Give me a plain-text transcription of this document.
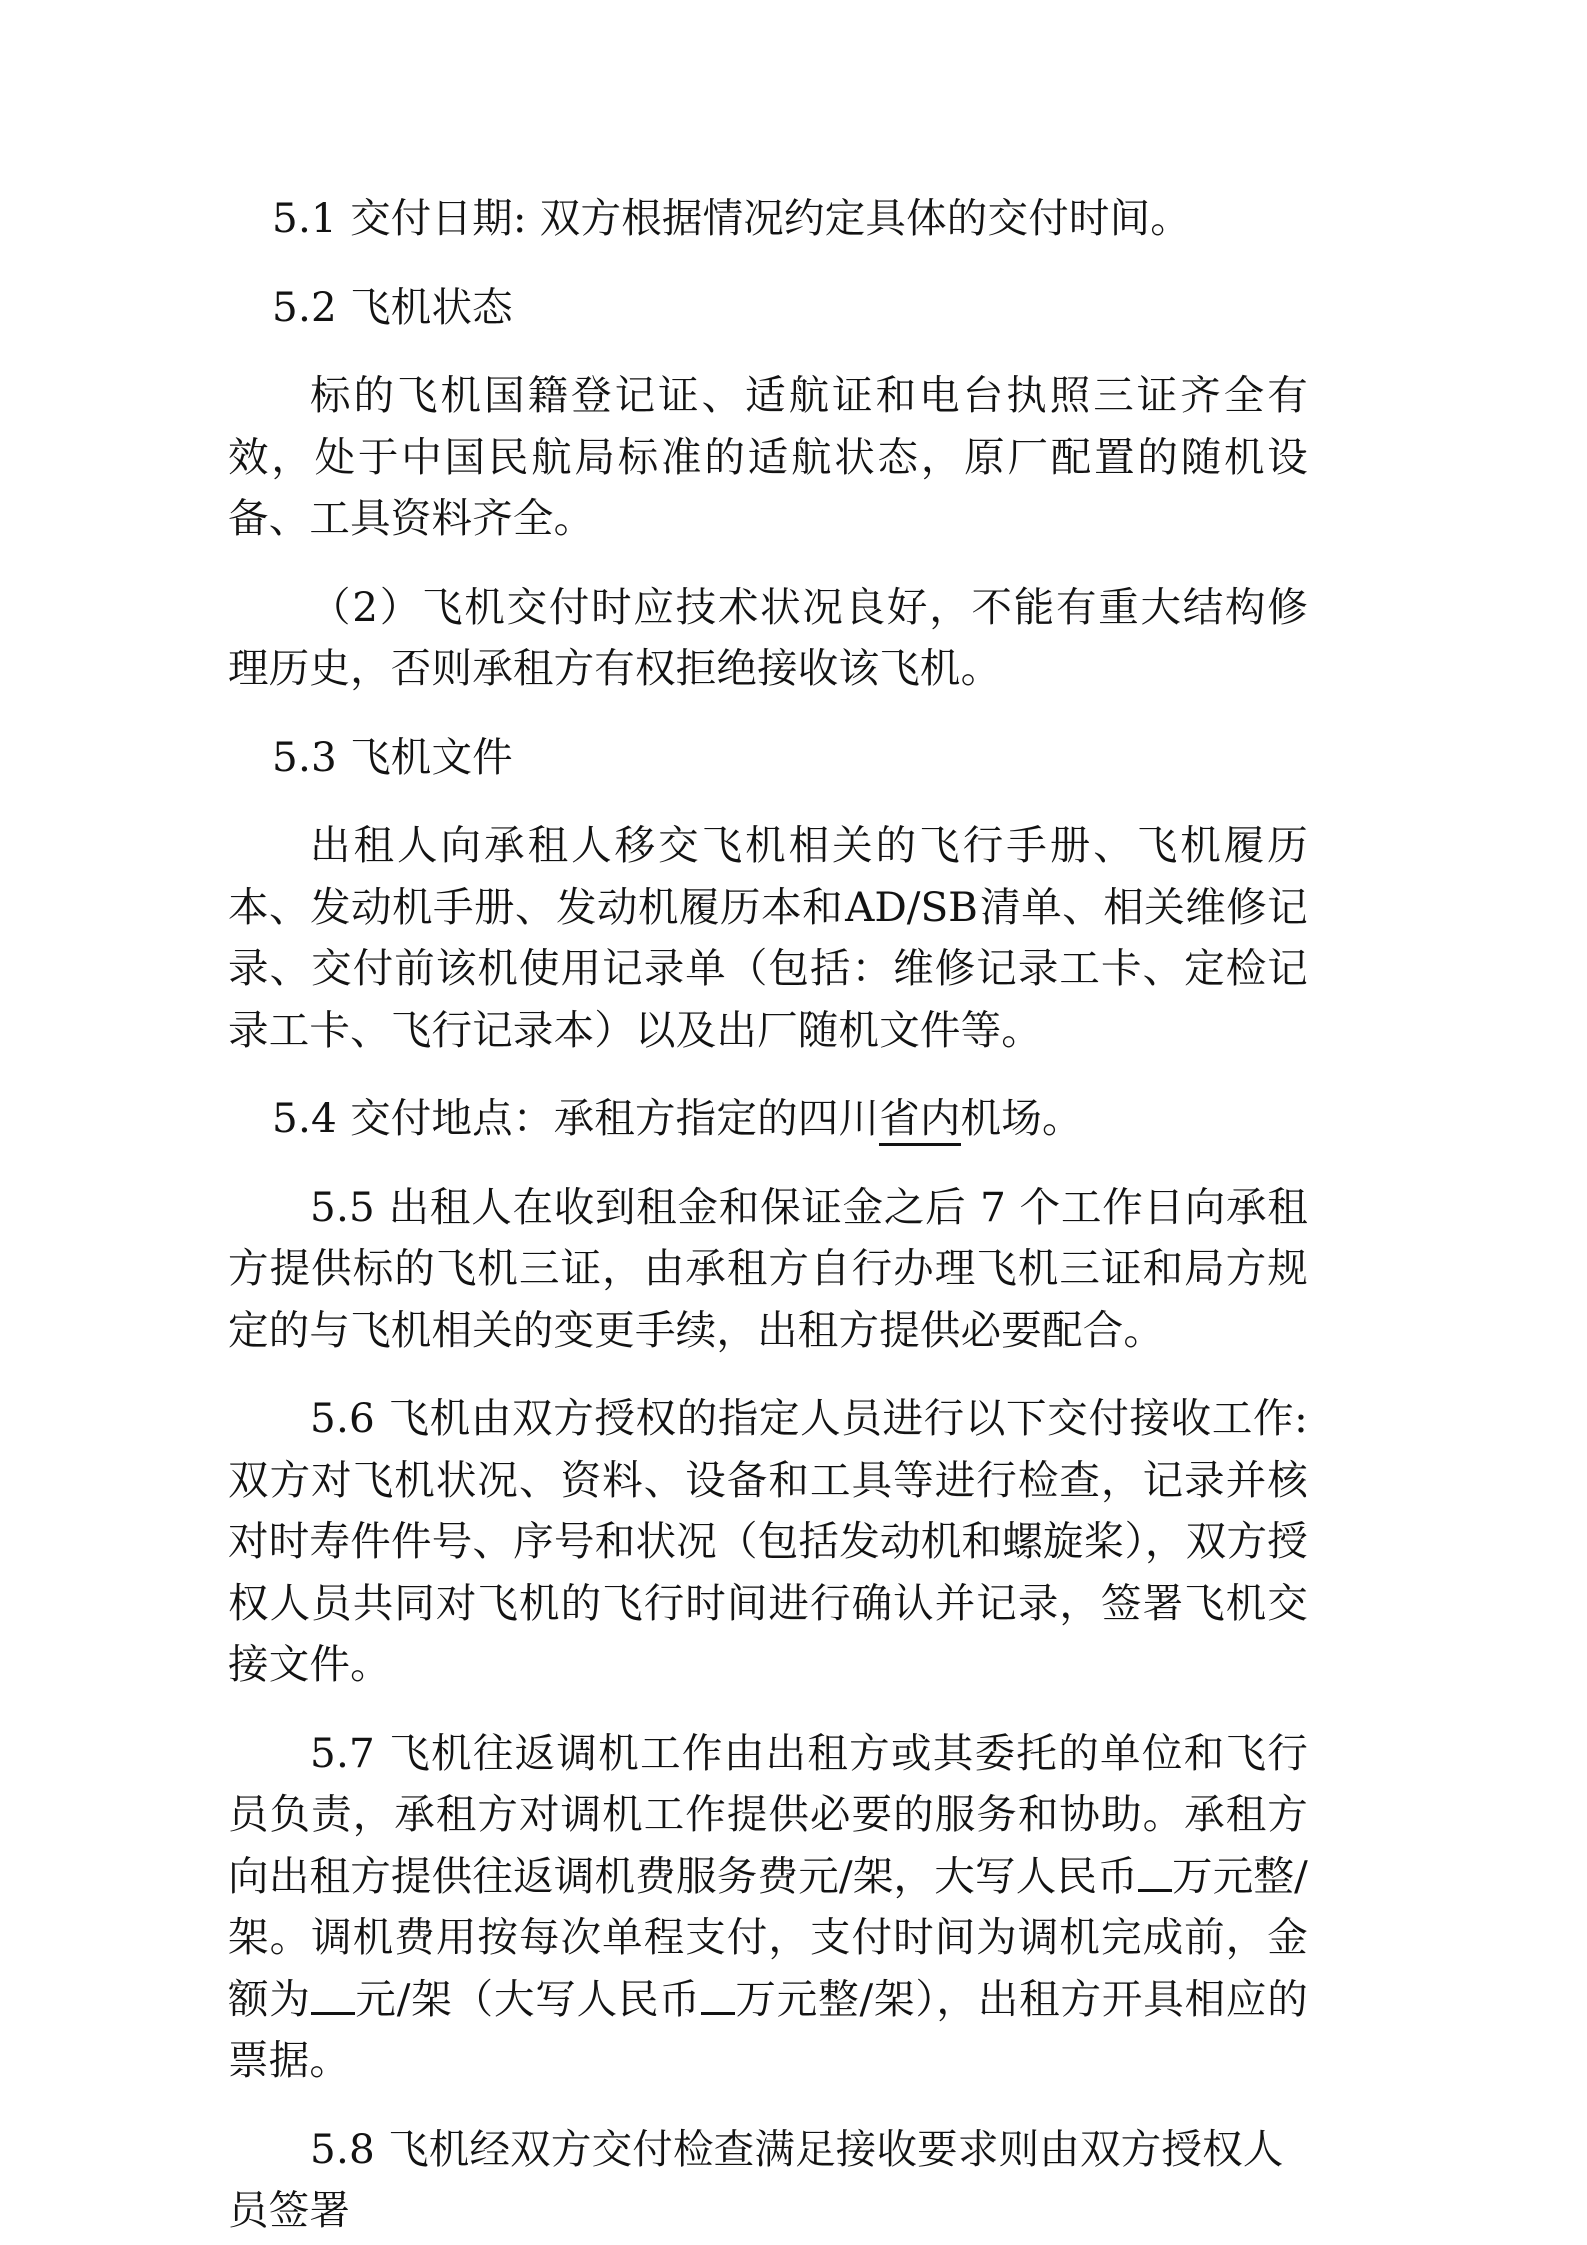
5.1 交付日期: 双方根据情况约定具体的交付时间。

5.2 飞机状态

标的飞机国籍登记证、适航证和电台执照三证齐全有效，处于中国民航局标准的适航状态，原厂配置的随机设备、工具资料齐全。

（2）飞机交付时应技术状况良好，不能有重大结构修理历史，否则承租方有权拒绝接收该飞机。

5.3 飞机文件

出租人向承租人移交飞机相关的飞行手册、飞机履历本、发动机手册、发动机履历本和AD/SB清单、相关维修记录、交付前该机使用记录单（包括：维修记录工卡、定检记录工卡、飞行记录本）以及出厂随机文件等。

5.4 交付地点：承租方指定的四川省内机场。

5.5 出租人在收到租金和保证金之后 7 个工作日向承租方提供标的飞机三证，由承租方自行办理飞机三证和局方规定的与飞机相关的变更手续，出租方提供必要配合。

5.6 飞机由双方授权的指定人员进行以下交付接收工作: 双方对飞机状况、资料、设备和工具等进行检查，记录并核对时寿件件号、序号和状况（包括发动机和螺旋桨），双方授权人员共同对飞机的飞行时间进行确认并记录，签署飞机交接文件。

5.7 飞机往返调机工作由出租方或其委托的单位和飞行员负责，承租方对调机工作提供必要的服务和协助。承租方向出租方提供往返调机费服务费元/架，大写人民币 万元整/架。调机费用按每次单程支付，支付时间为调机完成前，金额为 元/架（大写人民币 万元整/架），出租方开具相应的票据。

5.8 飞机经双方交付检查满足接收要求则由双方授权人员签署
